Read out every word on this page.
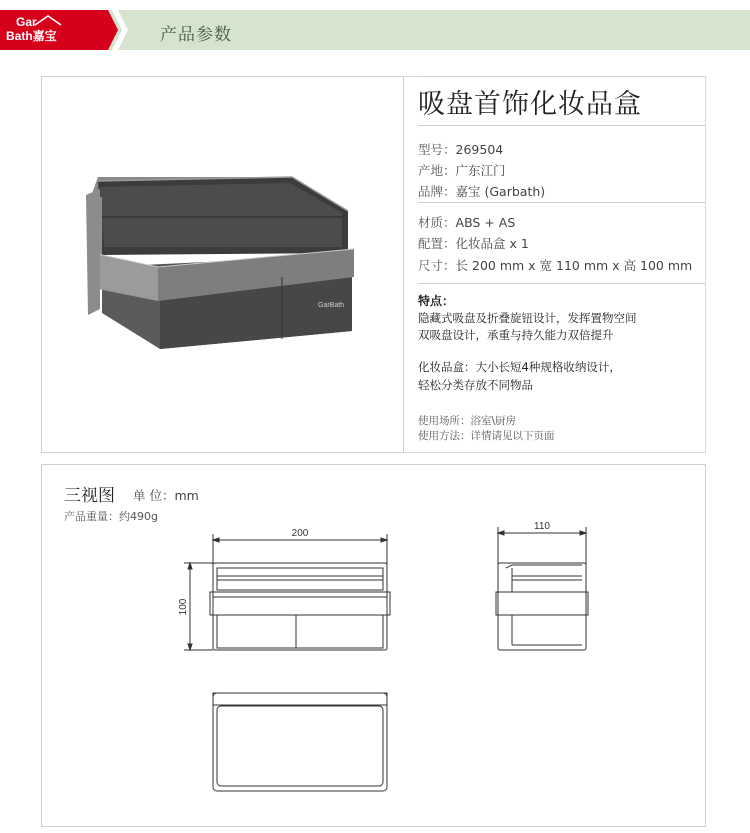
Gar
Bath嘉宝	产品参数
GarBath
吸盘首饰化妆品盒
型号：269504
产地：广东江门
品牌：嘉宝 (Garbath)
材质：ABS + AS
配置：化妆品盒 x 1
尺寸：长 200 mm x 宽 110 mm x 高 100 mm
特点：
隐藏式吸盘及折叠旋钮设计，发挥置物空间
双吸盘设计，承重与持久能力双倍提升
化妆品盒：大小长短4种规格收纳设计，
轻松分类存放不同物品
使用场所：浴室\厨房
使用方法：详情请见以下页面
三视图 单 位：mm
产品重量：约490g
200
110
100
